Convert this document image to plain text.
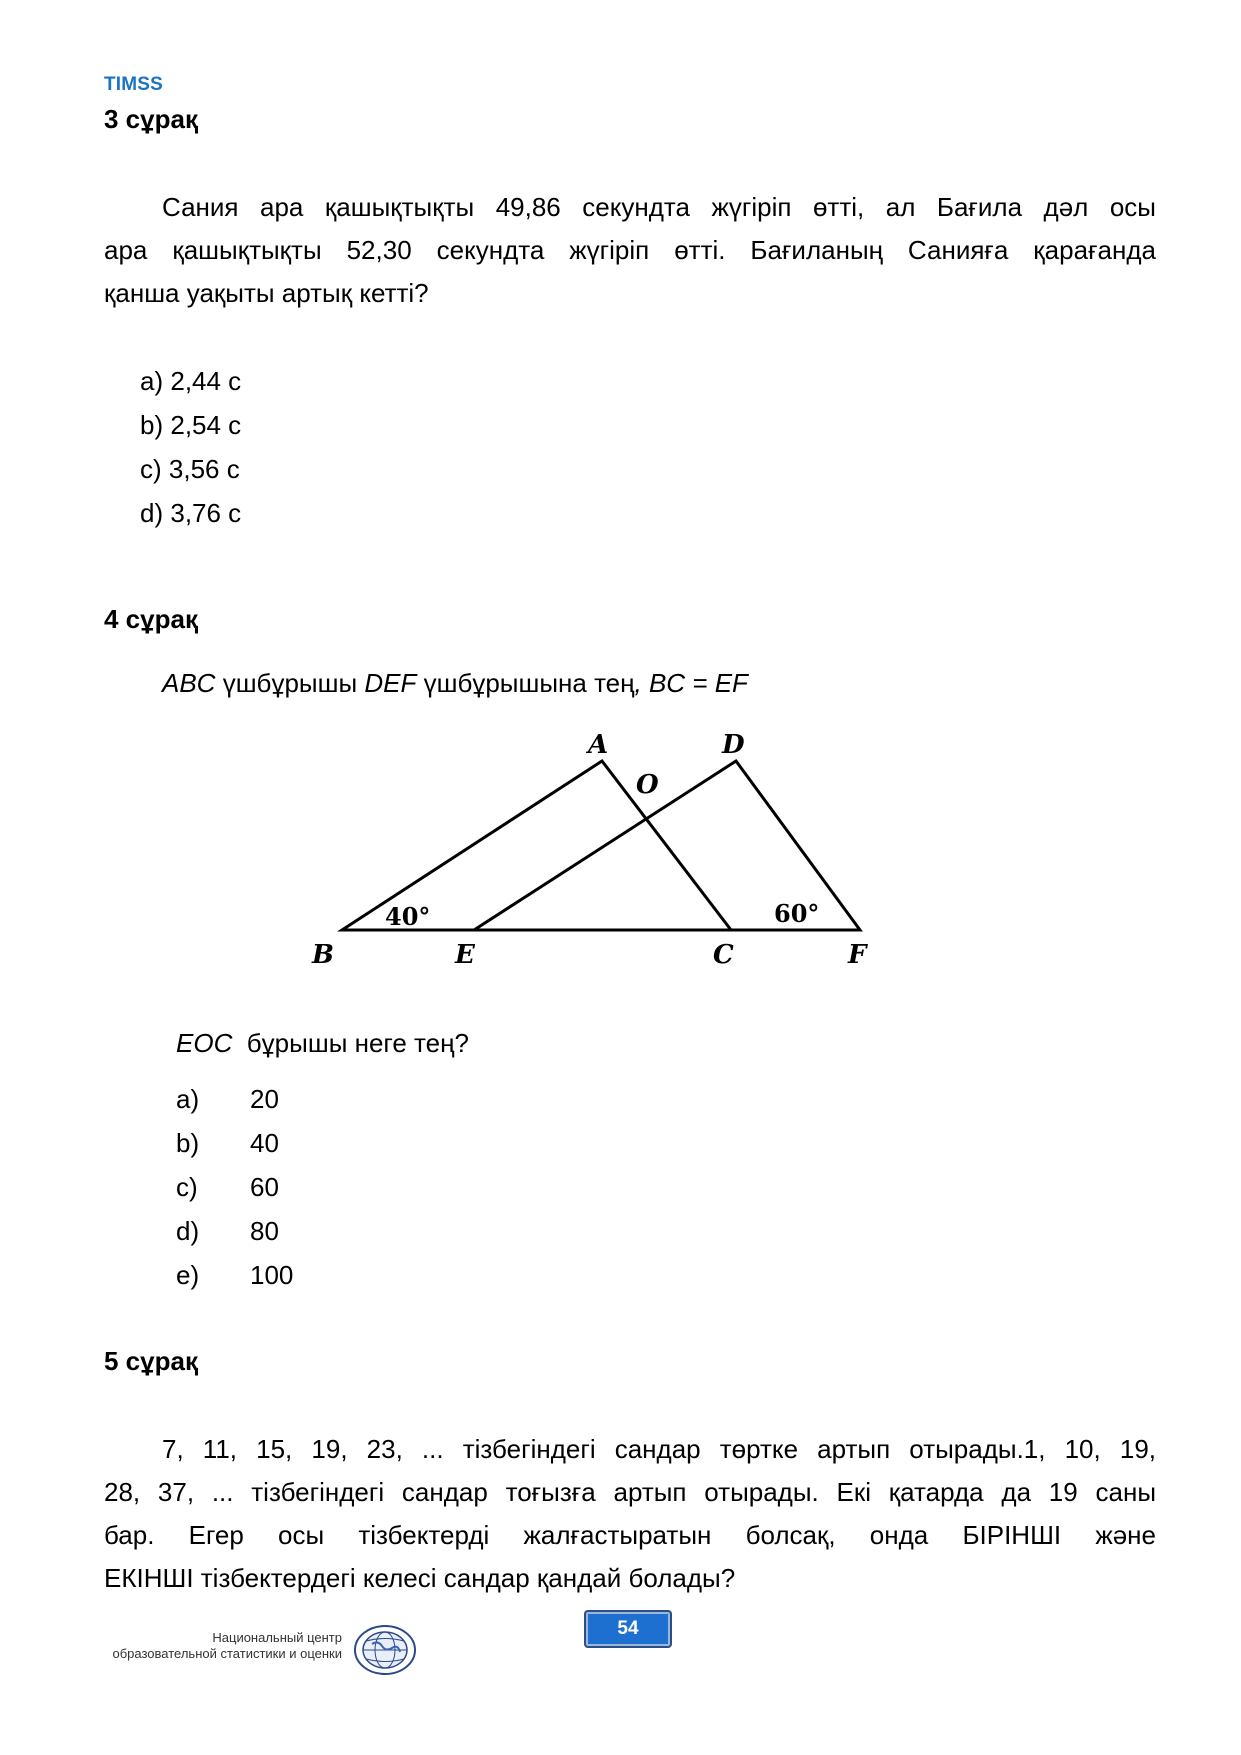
TIMSS
3 сұрақ
Сания ара қашықтықты 49,86 секундта жүгіріп өтті, ал Бағила дәл осы
ара қашықтықты 52,30 секундта жүгіріп өтті. Бағиланың Санияға қарағанда
қанша уақыты артық кетті?
a) 2,44 с
b) 2,54 с
c) 3,56 с
d) 3,76 с
4 сұрақ
ABC үшбұрышы DEF үшбұрышына тең, BC = EF
A	D
O
B	E	C	F
40°	60°
EOC  бұрышы неге тең?
a) 20
b) 40
c) 60
d) 80
e) 100
5 сұрақ
7, 11, 15, 19, 23, ... тізбегіндегі сандар төртке артып отырады.1, 10, 19,
28, 37, ... тізбегіндегі сандар тоғызға артып отырады. Екі қатарда да 19 саны
бар. Егер осы тізбектерді жалғастыратын болсақ, онда БІРІНШІ және
ЕКІНШІ тізбектердегі келесі сандар қандай болады?
54
Национальный центр
образовательной статистики и оценки
